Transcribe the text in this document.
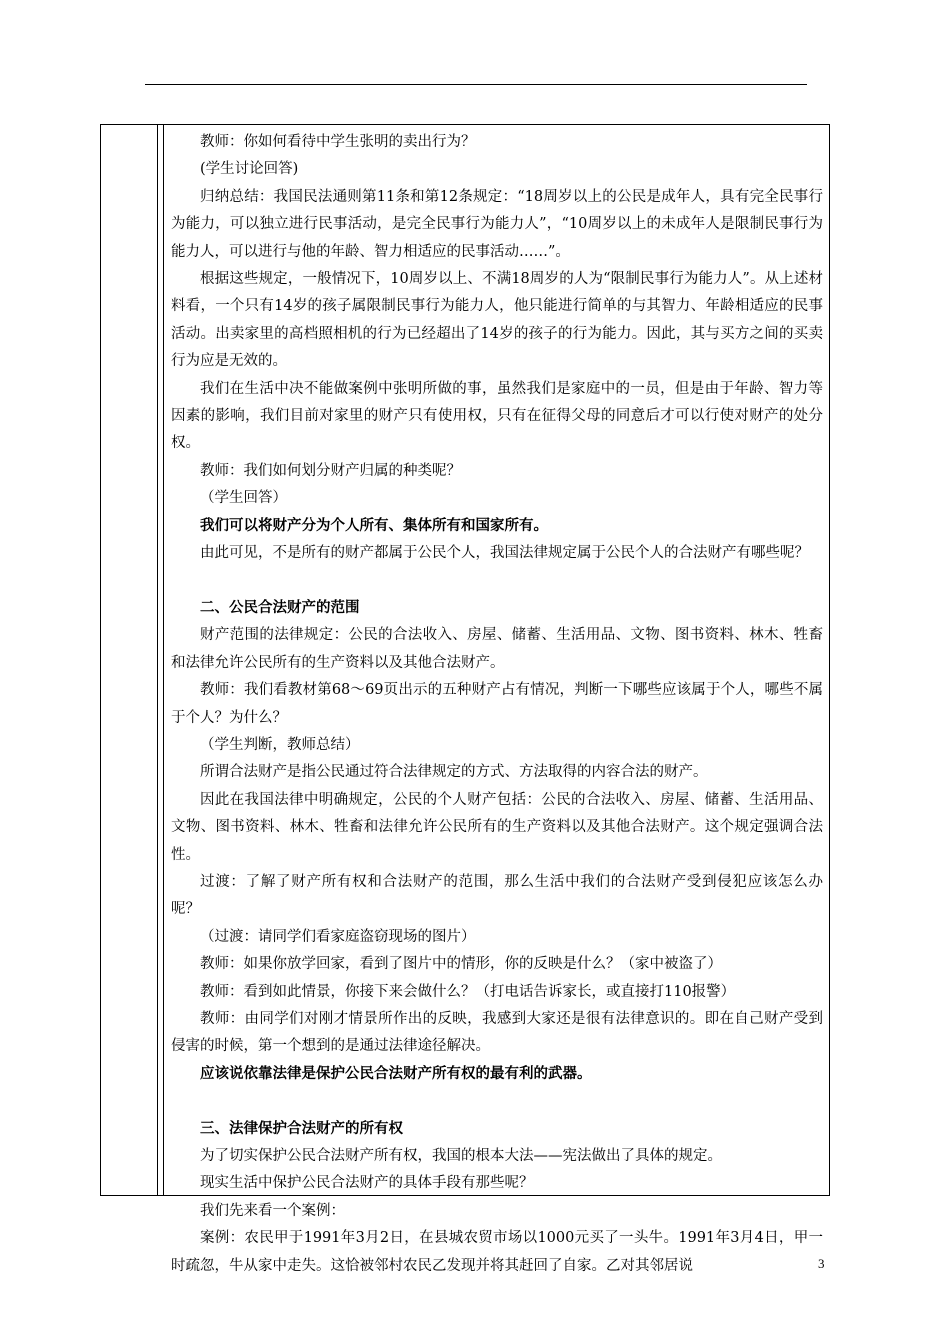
教师：你如何看待中学生张明的卖出行为？

(学生讨论回答)

归纳总结：我国民法通则第11条和第12条规定：“18周岁以上的公民是成年人，具有完全民事行为能力，可以独立进行民事活动，是完全民事行为能力人”，“10周岁以上的未成年人是限制民事行为能力人，可以进行与他的年龄、智力相适应的民事活动……”。

根据这些规定，一般情况下，10周岁以上、不满18周岁的人为“限制民事行为能力人”。从上述材料看，一个只有14岁的孩子属限制民事行为能力人，他只能进行简单的与其智力、年龄相适应的民事活动。出卖家里的高档照相机的行为已经超出了14岁的孩子的行为能力。因此，其与买方之间的买卖行为应是无效的。

我们在生活中决不能做案例中张明所做的事，虽然我们是家庭中的一员，但是由于年龄、智力等因素的影响，我们目前对家里的财产只有使用权，只有在征得父母的同意后才可以行使对财产的处分权。

教师：我们如何划分财产归属的种类呢？

（学生回答）

我们可以将财产分为个人所有、集体所有和国家所有。

由此可见，不是所有的财产都属于公民个人，我国法律规定属于公民个人的合法财产有哪些呢？

二、公民合法财产的范围

财产范围的法律规定：公民的合法收入、房屋、储蓄、生活用品、文物、图书资料、林木、牲畜和法律允许公民所有的生产资料以及其他合法财产。

教师：我们看教材第68～69页出示的五种财产占有情况，判断一下哪些应该属于个人，哪些不属于个人？为什么？

（学生判断，教师总结）

所谓合法财产是指公民通过符合法律规定的方式、方法取得的内容合法的财产。

因此在我国法律中明确规定，公民的个人财产包括：公民的合法收入、房屋、储蓄、生活用品、文物、图书资料、林木、牲畜和法律允许公民所有的生产资料以及其他合法财产。这个规定强调合法性。

过渡：了解了财产所有权和合法财产的范围，那么生活中我们的合法财产受到侵犯应该怎么办呢？

（过渡：请同学们看家庭盗窃现场的图片）

教师：如果你放学回家，看到了图片中的情形，你的反映是什么？（家中被盗了）

教师：看到如此情景，你接下来会做什么？（打电话告诉家长，或直接打110报警）

教师：由同学们对刚才情景所作出的反映，我感到大家还是很有法律意识的。即在自己财产受到侵害的时候，第一个想到的是通过法律途径解决。

应该说依靠法律是保护公民合法财产所有权的最有利的武器。

三、法律保护合法财产的所有权

为了切实保护公民合法财产所有权，我国的根本大法——宪法做出了具体的规定。

现实生活中保护公民合法财产的具体手段有那些呢？

我们先来看一个案例：

案例：农民甲于1991年3月2日，在县城农贸市场以1000元买了一头牛。1991年3月4日，甲一时疏忽，牛从家中走失。这恰被邻村农民乙发现并将其赶回了自家。乙对其邻居说	3
